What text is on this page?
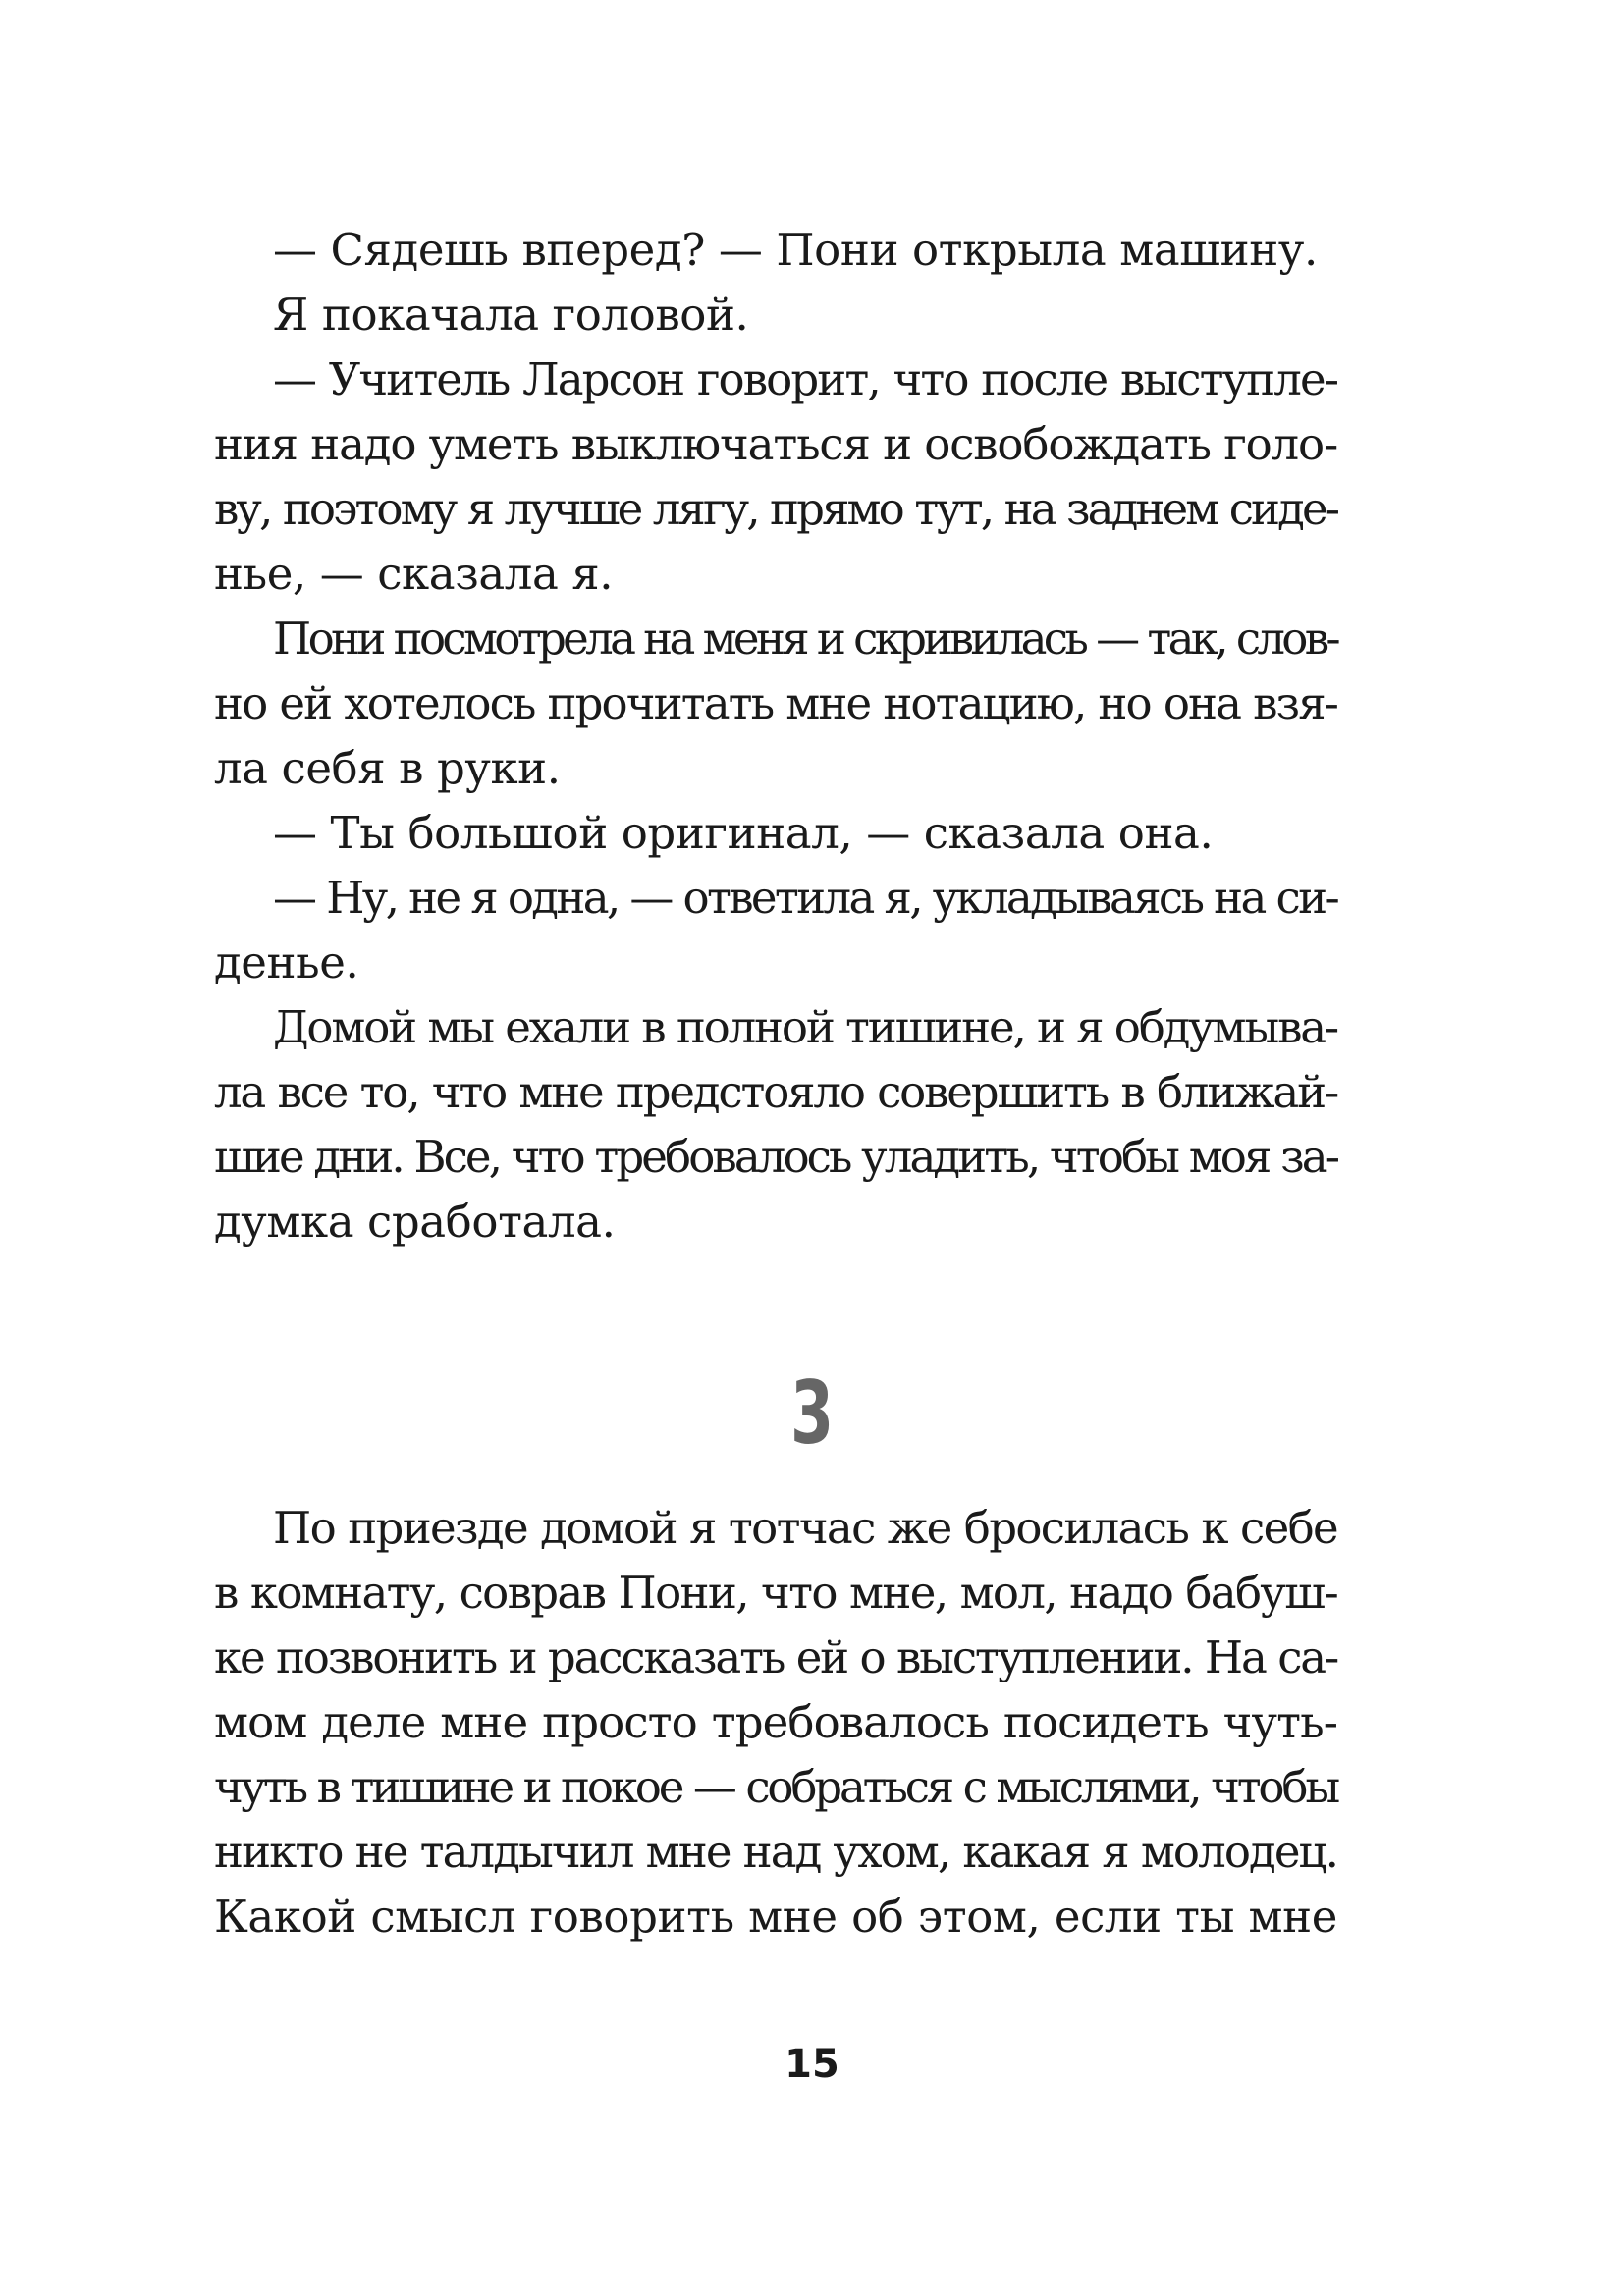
— Сядешь вперед? — Пони открыла машину.
Я покачала головой.
— Учитель Ларсон говорит, что после выступле-
ния надо уметь выключаться и освобождать голо-
ву, поэтому я лучше лягу, прямо тут, на заднем сиде-
нье, — сказала я.
Пони посмотрела на меня и скривилась — так, слов-
но ей хотелось прочитать мне нотацию, но она взя-
ла себя в руки.
— Ты большой оригинал, — сказала она.
— Ну, не я одна, — ответила я, укладываясь на си-
денье.
Домой мы ехали в полной тишине, и я обдумыва-
ла все то, что мне предстояло совершить в ближай-
шие дни. Все, что требовалось уладить, чтобы моя за-
думка сработала.
3
По приезде домой я тотчас же бросилась к себе
в комнату, соврав Пони, что мне, мол, надо бабуш-
ке позвонить и рассказать ей о выступлении. На са-
мом деле мне просто требовалось посидеть чуть-
чуть в тишине и покое — собраться с мыслями, чтобы
никто не талдычил мне над ухом, какая я молодец.
Какой смысл говорить мне об этом, если ты мне
15
